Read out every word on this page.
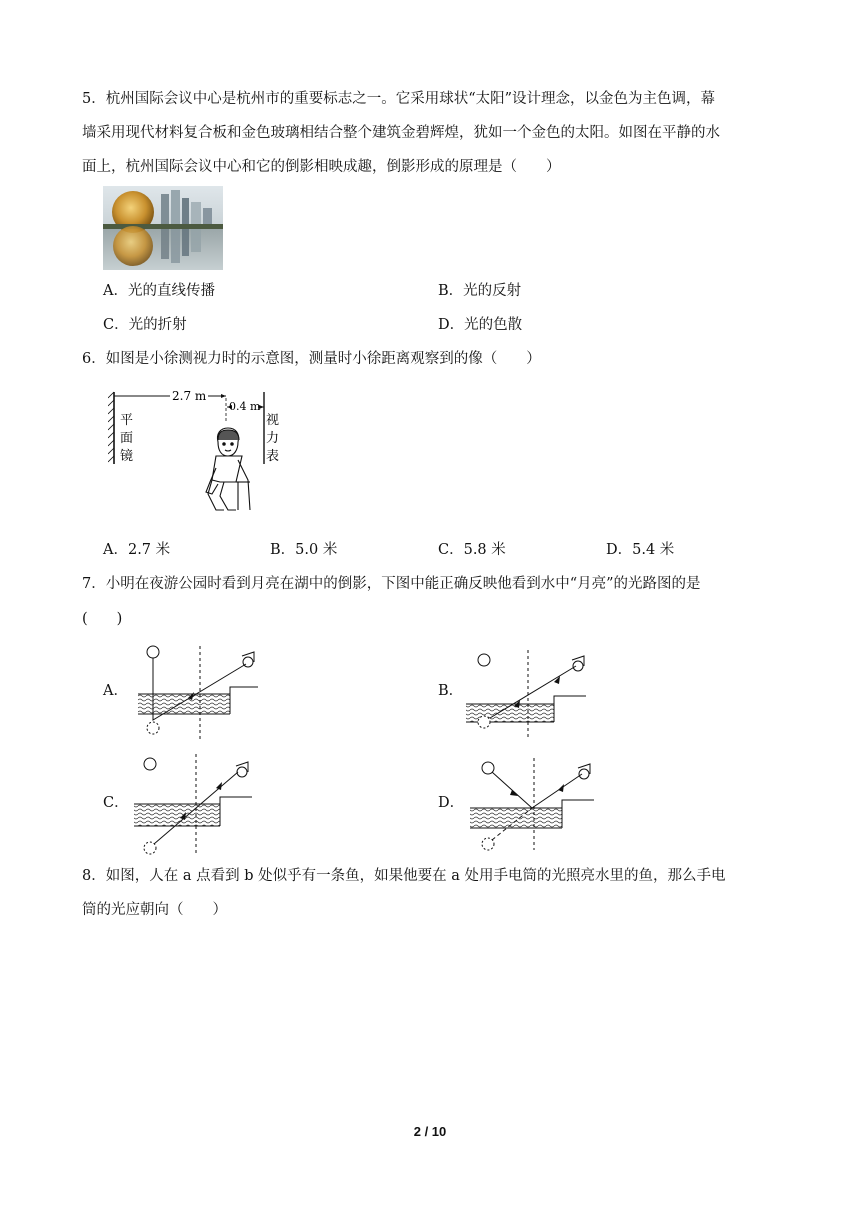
5．杭州国际会议中心是杭州市的重要标志之一。它采用球状“太阳”设计理念，以金色为主色调，幕
墙采用现代材料复合板和金色玻璃相结合整个建筑金碧辉煌，犹如一个金色的太阳。如图在平静的水
面上，杭州国际会议中心和它的倒影相映成趣，倒影形成的原理是（　　）
A．光的直线传播	B．光的反射
C．光的折射	D．光的色散
6．如图是小徐测视力时的示意图，测量时小徐距离观察到的像（　　）
2.7 m
0.4 m
平
面
镜
视
力
表
A．2.7 米	B．5.0 米	C．5.8 米	D．5.4 米
7．小明在夜游公园时看到月亮在湖中的倒影，下图中能正确反映他看到水中“月亮”的光路图的是
(　　)
A．	B．
C．	D．
8．如图，人在 a 点看到 b 处似乎有一条鱼，如果他要在 a 处用手电筒的光照亮水里的鱼，那么手电
筒的光应朝向（　　）
2 / 10
